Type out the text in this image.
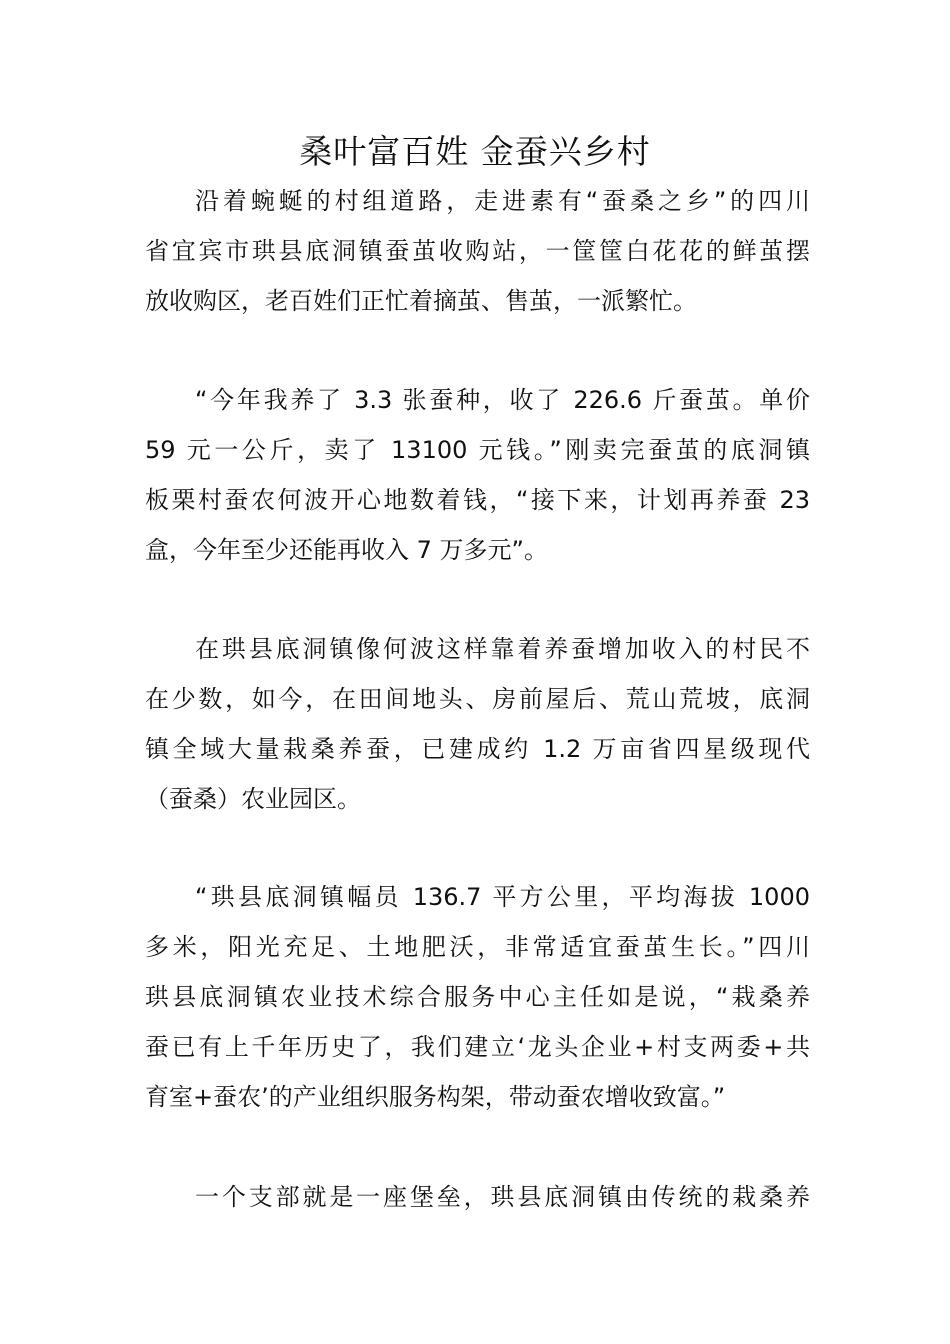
桑叶富百姓 金蚕兴乡村
沿着蜿蜒的村组道路，走进素有“蚕桑之乡”的四川
省宜宾市珙县底洞镇蚕茧收购站，一筐筐白花花的鲜茧摆
放收购区，老百姓们正忙着摘茧、售茧，一派繁忙。
“今年我养了 3.3 张蚕种，收了 226.6 斤蚕茧。单价
59 元一公斤，卖了 13100 元钱。”刚卖完蚕茧的底洞镇
板栗村蚕农何波开心地数着钱，“接下来，计划再养蚕 23
盒，今年至少还能再收入 7 万多元”。
在珙县底洞镇像何波这样靠着养蚕增加收入的村民不
在少数，如今，在田间地头、房前屋后、荒山荒坡，底洞
镇全域大量栽桑养蚕，已建成约 1.2 万亩省四星级现代
（蚕桑）农业园区。
“珙县底洞镇幅员 136.7 平方公里，平均海拔 1000
多米，阳光充足、土地肥沃，非常适宜蚕茧生长。”四川
珙县底洞镇农业技术综合服务中心主任如是说，“栽桑养
蚕已有上千年历史了，我们建立‘龙头企业+村支两委+共
育室+蚕农’的产业组织服务构架，带动蚕农增收致富。”
一个支部就是一座堡垒，珙县底洞镇由传统的栽桑养
